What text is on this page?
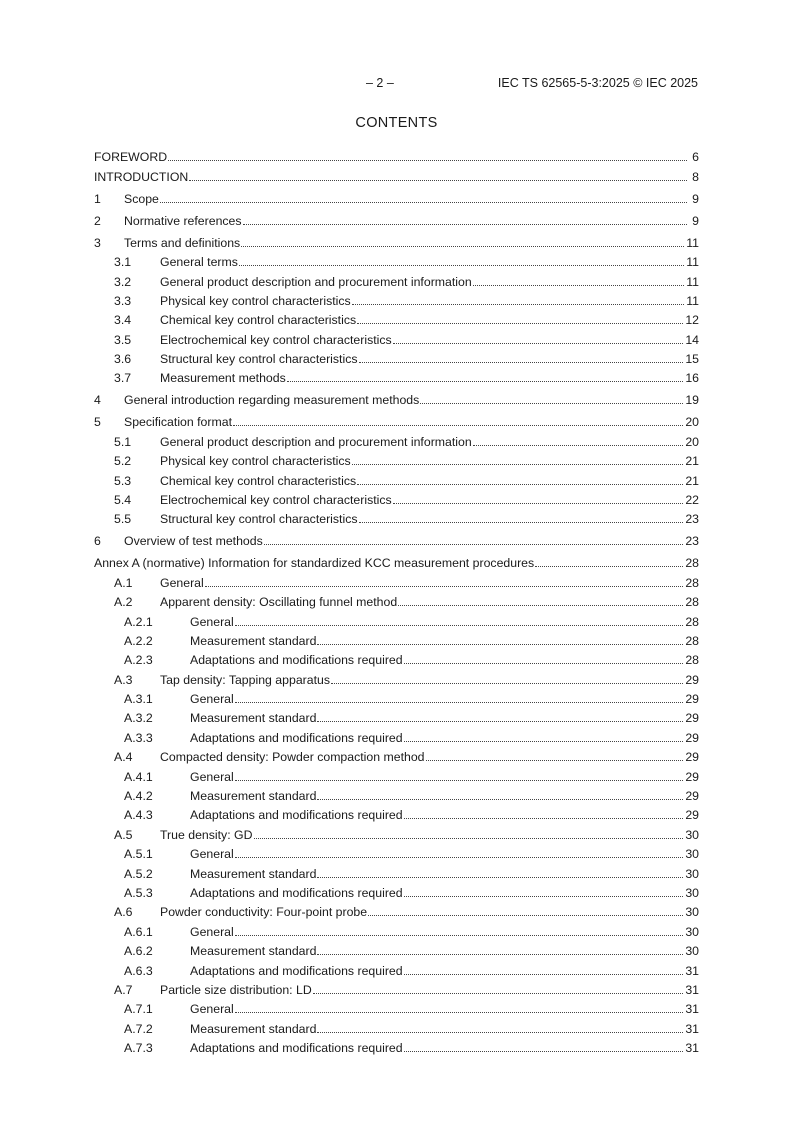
– 2 –	IEC TS 62565-5-3:2025 © IEC 2025
CONTENTS
FOREWORD	6
INTRODUCTION	8
1	Scope	9
2	Normative references	9
3	Terms and definitions	11
3.1	General terms	11
3.2	General product description and procurement information	11
3.3	Physical key control characteristics	11
3.4	Chemical key control characteristics	12
3.5	Electrochemical key control characteristics	14
3.6	Structural key control characteristics	15
3.7	Measurement methods	16
4	General introduction regarding measurement methods	19
5	Specification format	20
5.1	General product description and procurement information	20
5.2	Physical key control characteristics	21
5.3	Chemical key control characteristics	21
5.4	Electrochemical key control characteristics	22
5.5	Structural key control characteristics	23
6	Overview of test methods	23
Annex A (normative) Information for standardized KCC measurement procedures	28
A.1	General	28
A.2	Apparent density: Oscillating funnel method	28
A.2.1	General	28
A.2.2	Measurement standard	28
A.2.3	Adaptations and modifications required	28
A.3	Tap density: Tapping apparatus	29
A.3.1	General	29
A.3.2	Measurement standard	29
A.3.3	Adaptations and modifications required	29
A.4	Compacted density: Powder compaction method	29
A.4.1	General	29
A.4.2	Measurement standard	29
A.4.3	Adaptations and modifications required	29
A.5	True density: GD	30
A.5.1	General	30
A.5.2	Measurement standard	30
A.5.3	Adaptations and modifications required	30
A.6	Powder conductivity: Four-point probe	30
A.6.1	General	30
A.6.2	Measurement standard	30
A.6.3	Adaptations and modifications required	31
A.7	Particle size distribution: LD	31
A.7.1	General	31
A.7.2	Measurement standard	31
A.7.3	Adaptations and modifications required	31
